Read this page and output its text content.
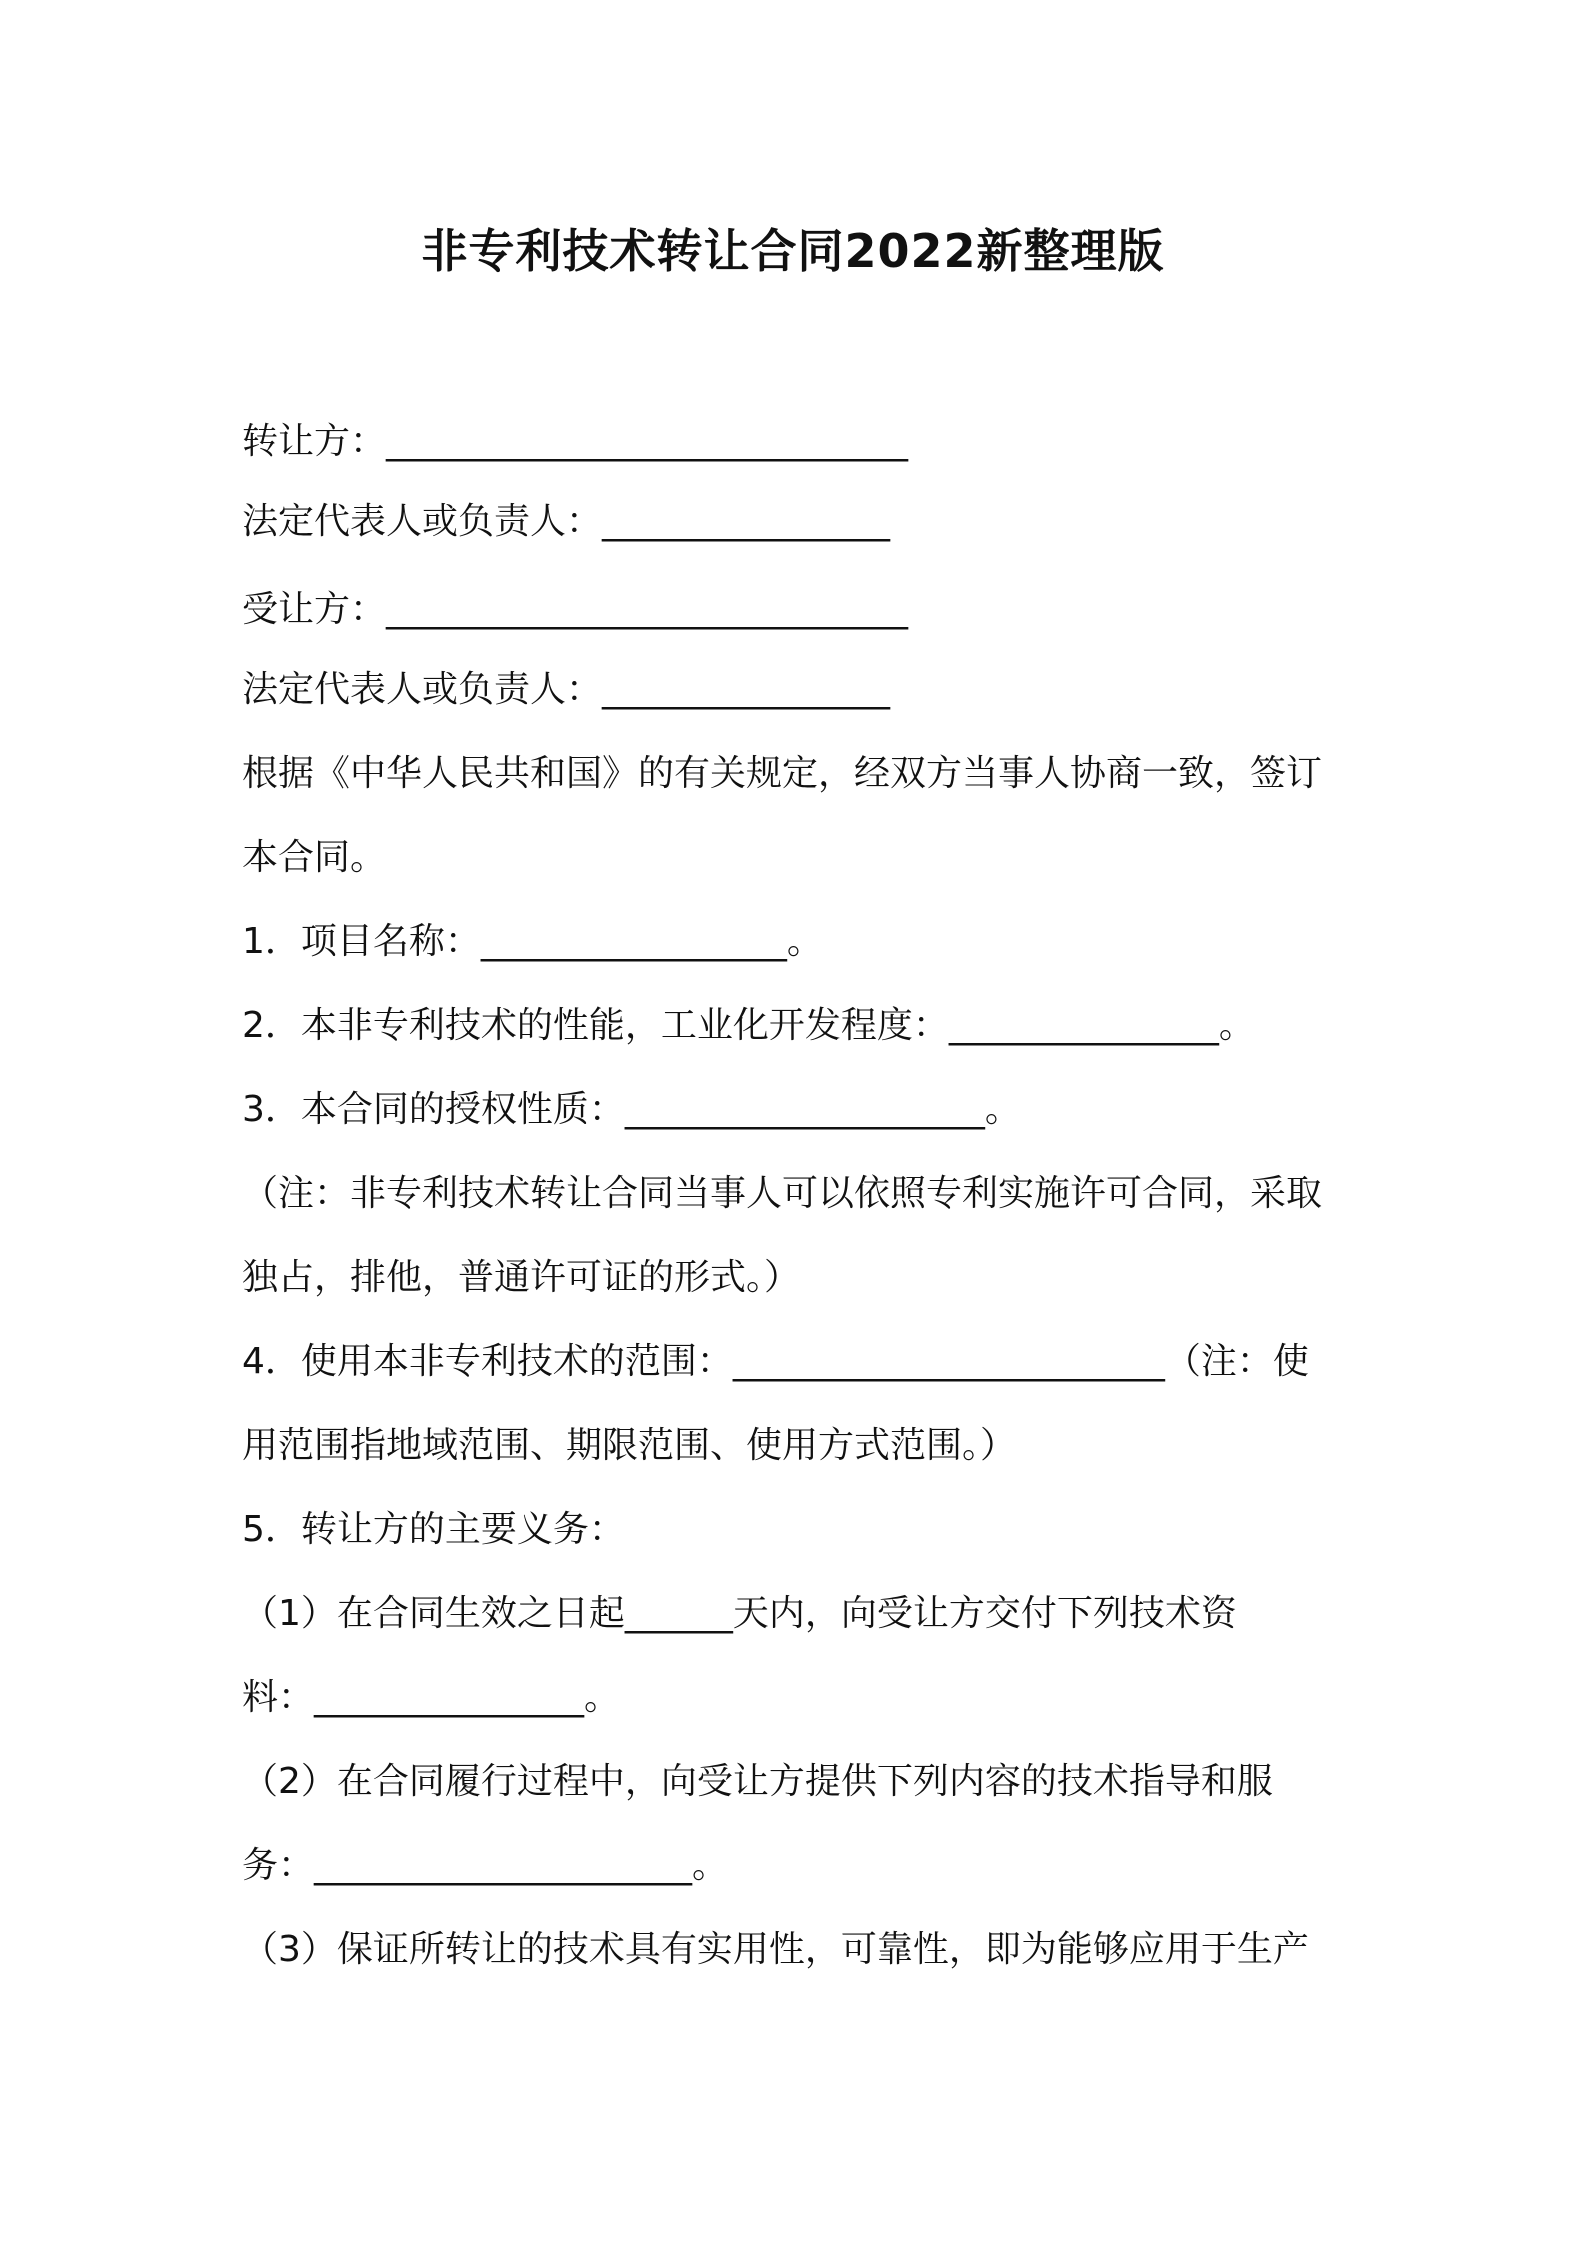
非专利技术转让合同2022新整理版
转让方：_____________________________
法定代表人或负责人：________________
受让方：_____________________________
法定代表人或负责人：________________
根据《中华人民共和国》的有关规定，经双方当事人协商一致，签订
本合同。
1．项目名称：_________________。
2．本非专利技术的性能，工业化开发程度：_______________。
3．本合同的授权性质：____________________。
（注：非专利技术转让合同当事人可以依照专利实施许可合同，采取
独占，排他，普通许可证的形式。）
4．使用本非专利技术的范围：________________________（注：使
用范围指地域范围、期限范围、使用方式范围。）
5．转让方的主要义务：
（1）在合同生效之日起______天内，向受让方交付下列技术资
料：_______________。
（2）在合同履行过程中，向受让方提供下列内容的技术指导和服
务：_____________________。
（3）保证所转让的技术具有实用性，可靠性，即为能够应用于生产
